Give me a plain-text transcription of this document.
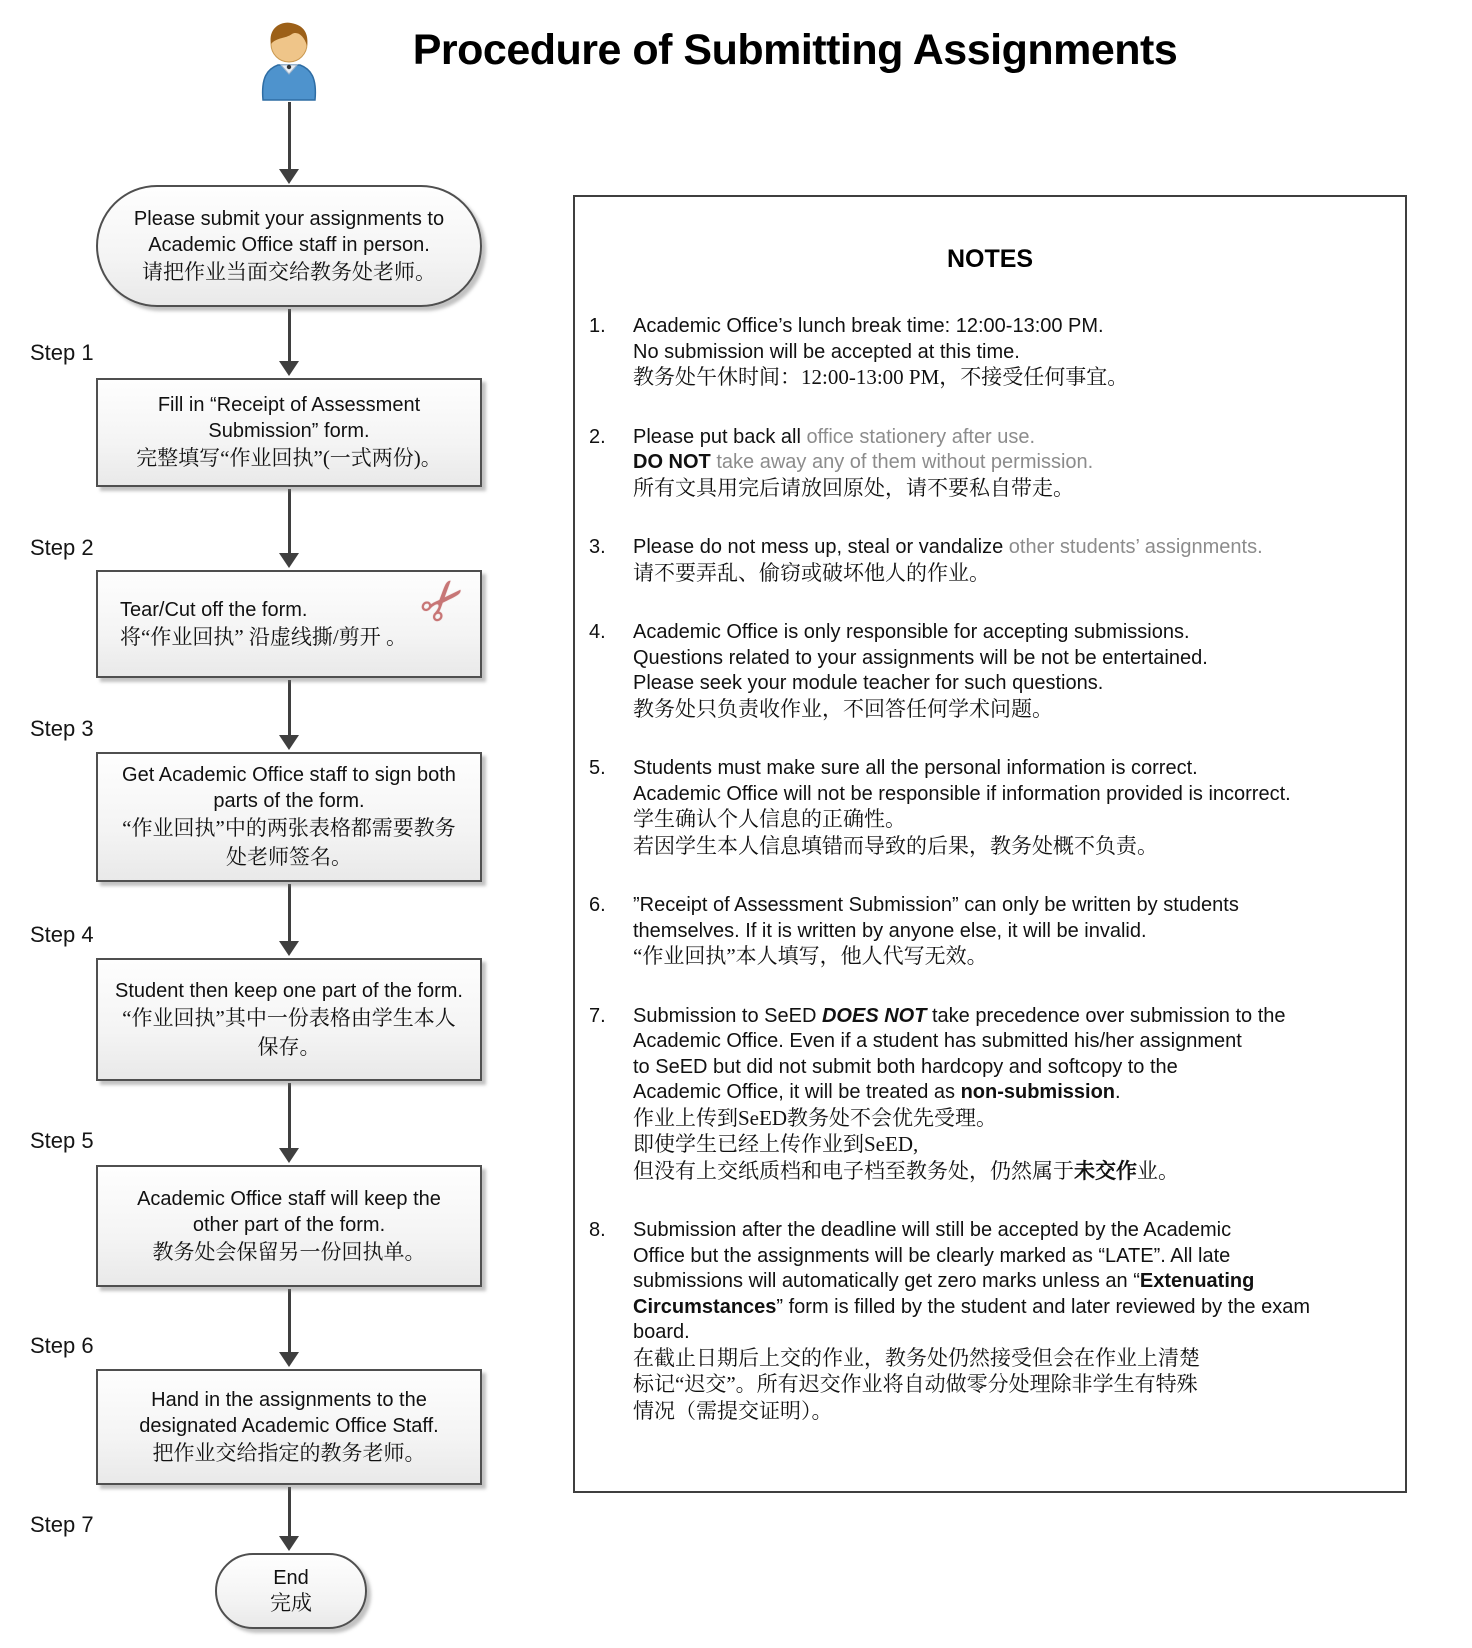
Procedure of Submitting Assignments
Step 1
Step 2
Step 3
Step 4
Step 5
Step 6
Step 7
Please submit your assignments to Academic Office staff in person.
请把作业当面交给教务处老师。
Fill in “Receipt of Assessment Submission” form.
完整填写“作业回执”(一式两份)。
✂
Tear/Cut off the form.
将“作业回执” 沿虚线撕/剪开 。
Get Academic Office staff to sign both parts of the form.
“作业回执”中的两张表格都需要教务处老师签名。
Student then keep one part of the form.
“作业回执”其中一份表格由学生本人保存。
Academic Office staff will keep the other part of the form.
教务处会保留另一份回执单。
Hand in the assignments to the designated Academic Office Staff.
把作业交给指定的教务老师。
End
完成
NOTES
1.	Academic Office’s lunch break time: 12:00-13:00 PM.
No submission will be accepted at this time.
教务处午休时间：12:00-13:00 PM，不接受任何事宜。
2.	Please put back all office stationery after use.
DO NOT take away any of them without permission.
所有文具用完后请放回原处，请不要私自带走。
3.	Please do not mess up, steal or vandalize other students’ assignments.
请不要弄乱、偷窃或破坏他人的作业。
4.	Academic Office is only responsible for accepting submissions.
Questions related to your assignments will be not be entertained.
Please seek your module teacher for such questions.
教务处只负责收作业，不回答任何学术问题。
5.	Students must make sure all the personal information is correct.
Academic Office will not be responsible if information provided is incorrect.
学生确认个人信息的正确性。
若因学生本人信息填错而导致的后果，教务处概不负责。
6.	”Receipt of Assessment Submission” can only be written by students
themselves. If it is written by anyone else, it will be invalid.
“作业回执”本人填写，他人代写无效。
7.	Submission to SeED DOES NOT take precedence over submission to the
Academic Office. Even if a student has submitted his/her assignment
to SeED but did not submit both hardcopy and softcopy to the
Academic Office, it will be treated as non-submission.
作业上传到SeED教务处不会优先受理。
即使学生已经上传作业到SeED,
但没有上交纸质档和电子档至教务处，仍然属于未交作业。
8.	Submission after the deadline will still be accepted by the Academic
Office but the assignments will be clearly marked as “LATE”. All late
submissions will automatically get zero marks unless an “Extenuating
Circumstances” form is filled by the student and later reviewed by the exam
board.
在截止日期后上交的作业，教务处仍然接受但会在作业上清楚
标记“迟交”。所有迟交作业将自动做零分处理除非学生有特殊
情况（需提交证明）。
